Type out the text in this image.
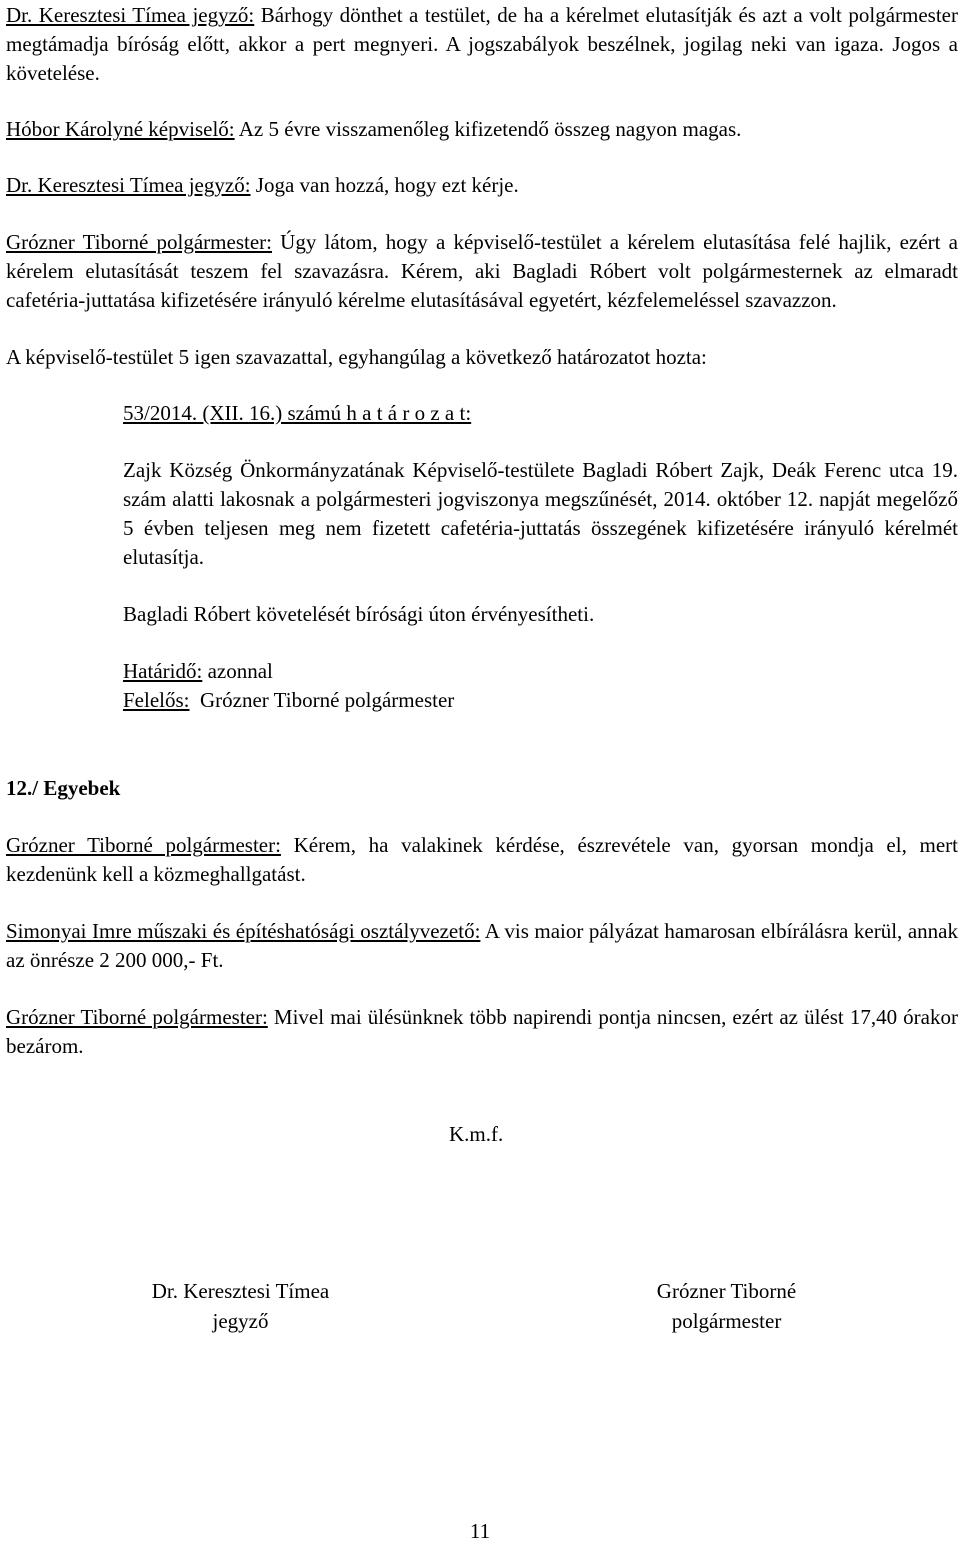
Dr. Keresztesi Tímea jegyző: Bárhogy dönthet a testület, de ha a kérelmet elutasítják és azt a volt polgármester megtámadja bíróság előtt, akkor a pert megnyeri. A jogszabályok beszélnek, jogilag neki van igaza. Jogos a követelése.

Hóbor Károlyné képviselő: Az 5 évre visszamenőleg kifizetendő összeg nagyon magas.

Dr. Keresztesi Tímea jegyző: Joga van hozzá, hogy ezt kérje.

Grózner Tiborné polgármester: Úgy látom, hogy a képviselő-testület a kérelem elutasítása felé hajlik, ezért a kérelem elutasítását teszem fel szavazásra. Kérem, aki Bagladi Róbert volt polgármesternek az elmaradt cafetéria-juttatása kifizetésére irányuló kérelme elutasításával egyetért, kézfelemeléssel szavazzon.

A képviselő-testület 5 igen szavazattal, egyhangúlag a következő határozatot hozta:

53/2014. (XII. 16.) számú h a t á r o z a t:

Zajk Község Önkormányzatának Képviselő-testülete Bagladi Róbert Zajk, Deák Ferenc utca 19. szám alatti lakosnak a polgármesteri jogviszonya megszűnését, 2014. október 12. napját megelőző 5 évben teljesen meg nem fizetett cafetéria-juttatás összegének kifizetésére irányuló kérelmét elutasítja.

Bagladi Róbert követelését bírósági úton érvényesítheti.

Határidő: azonnal

Felelős:  Grózner Tiborné polgármester

12./ Egyebek

Grózner Tiborné polgármester: Kérem, ha valakinek kérdése, észrevétele van, gyorsan mondja el, mert kezdenünk kell a közmeghallgatást.

Simonyai Imre műszaki és építéshatósági osztályvezető: A vis maior pályázat hamarosan elbírálásra kerül, annak az önrésze 2 200 000,- Ft.

Grózner Tiborné polgármester: Mivel mai ülésünknek több napirendi pontja nincsen, ezért az ülést 17,40 órakor bezárom.

K.m.f.

Dr. Keresztesi Tímea
jegyző
Grózner Tiborné
polgármester
11
